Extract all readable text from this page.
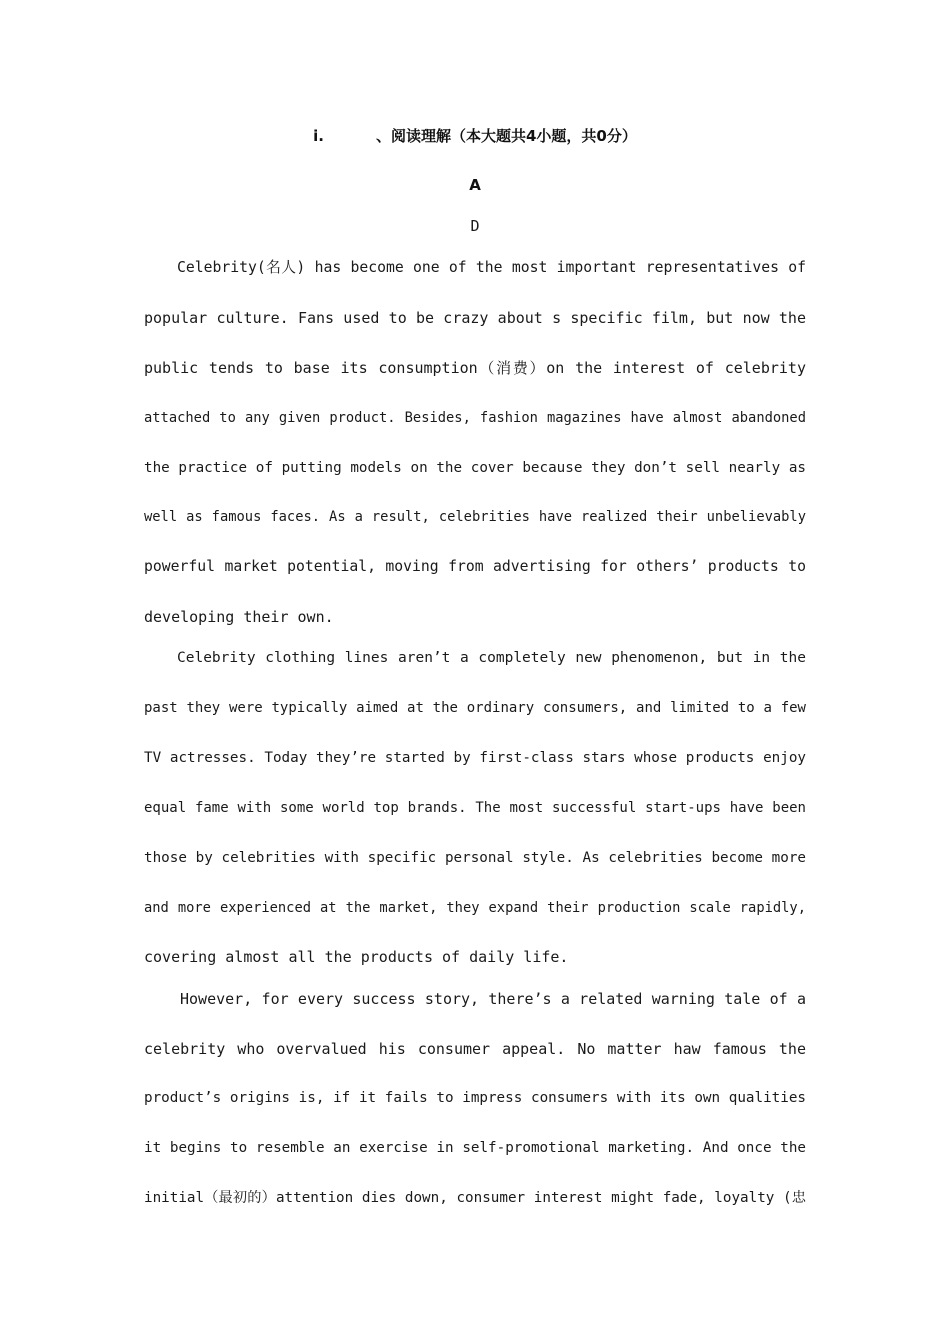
i.	、阅读理解（本大题共4小题，共0分）
A
D
Celebrity(名人) has become one of the most important representatives of
popular culture. Fans used to be crazy about s specific film, but now the
public tends to base its consumption（消费）on the interest of celebrity
attached to any given product. Besides, fashion magazines have almost abandoned
the practice of putting models on the cover because they don’t sell nearly as
well as famous faces. As a result, celebrities have realized their unbelievably
powerful market potential, moving from advertising for others’ products to
developing their own.
Celebrity clothing lines aren’t a completely new phenomenon, but in the
past they were typically aimed at the ordinary consumers, and limited to a few
TV actresses. Today they’re started by first-class stars whose products enjoy
equal fame with some world top brands. The most successful start-ups have been
those by celebrities with specific personal style. As celebrities become more
and more experienced at the market, they expand their production scale rapidly,
covering almost all the products of daily life.
However, for every success story, there’s a related warning tale of a
celebrity who overvalued his consumer appeal. No matter haw famous the
product’s origins is, if it fails to impress consumers with its own qualities
it begins to resemble an exercise in self-promotional marketing. And once the
initial（最初的）attention dies down, consumer interest might fade, loyalty (忠
